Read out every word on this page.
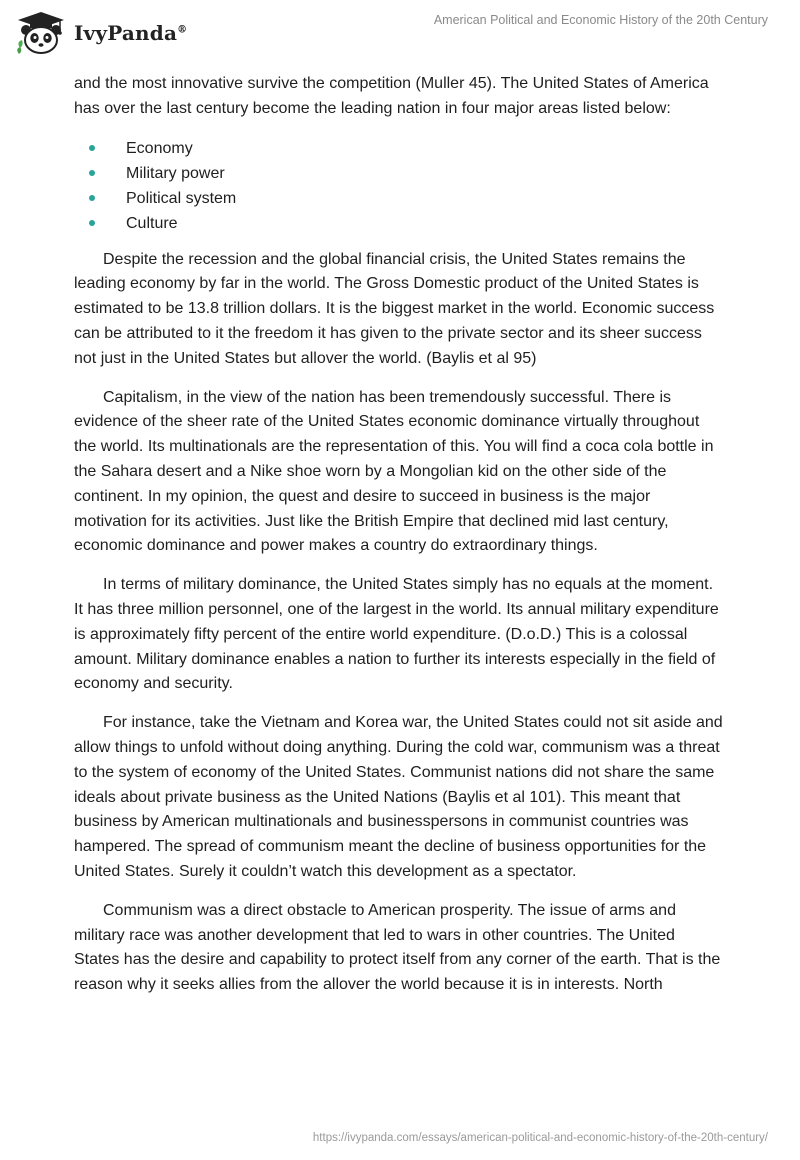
IvyPanda®
American Political and Economic History of the 20th Century

and the most innovative survive the competition (Muller 45). The United States of America has over the last century become the leading nation in four major areas listed below:

Economy
Military power
Political system
Culture

Despite the recession and the global financial crisis, the United States remains the leading economy by far in the world. The Gross Domestic product of the United States is estimated to be 13.8 trillion dollars. It is the biggest market in the world. Economic success can be attributed to it the freedom it has given to the private sector and its sheer success not just in the United States but allover the world. (Baylis et al 95)

Capitalism, in the view of the nation has been tremendously successful. There is evidence of the sheer rate of the United States economic dominance virtually throughout the world. Its multinationals are the representation of this. You will find a coca cola bottle in the Sahara desert and a Nike shoe worn by a Mongolian kid on the other side of the continent. In my opinion, the quest and desire to succeed in business is the major motivation for its activities. Just like the British Empire that declined mid last century, economic dominance and power makes a country do extraordinary things.

In terms of military dominance, the United States simply has no equals at the moment. It has three million personnel, one of the largest in the world. Its annual military expenditure is approximately fifty percent of the entire world expenditure. (D.o.D.) This is a colossal amount. Military dominance enables a nation to further its interests especially in the field of economy and security.

For instance, take the Vietnam and Korea war, the United States could not sit aside and allow things to unfold without doing anything. During the cold war, communism was a threat to the system of economy of the United States. Communist nations did not share the same ideals about private business as the United Nations (Baylis et al 101). This meant that business by American multinationals and businesspersons in communist countries was hampered. The spread of communism meant the decline of business opportunities for the United States. Surely it couldn’t watch this development as a spectator.

Communism was a direct obstacle to American prosperity. The issue of arms and military race was another development that led to wars in other countries. The United States has the desire and capability to protect itself from any corner of the earth. That is the reason why it seeks allies from the allover the world because it is in interests. North

https://ivypanda.com/essays/american-political-and-economic-history-of-the-20th-century/
